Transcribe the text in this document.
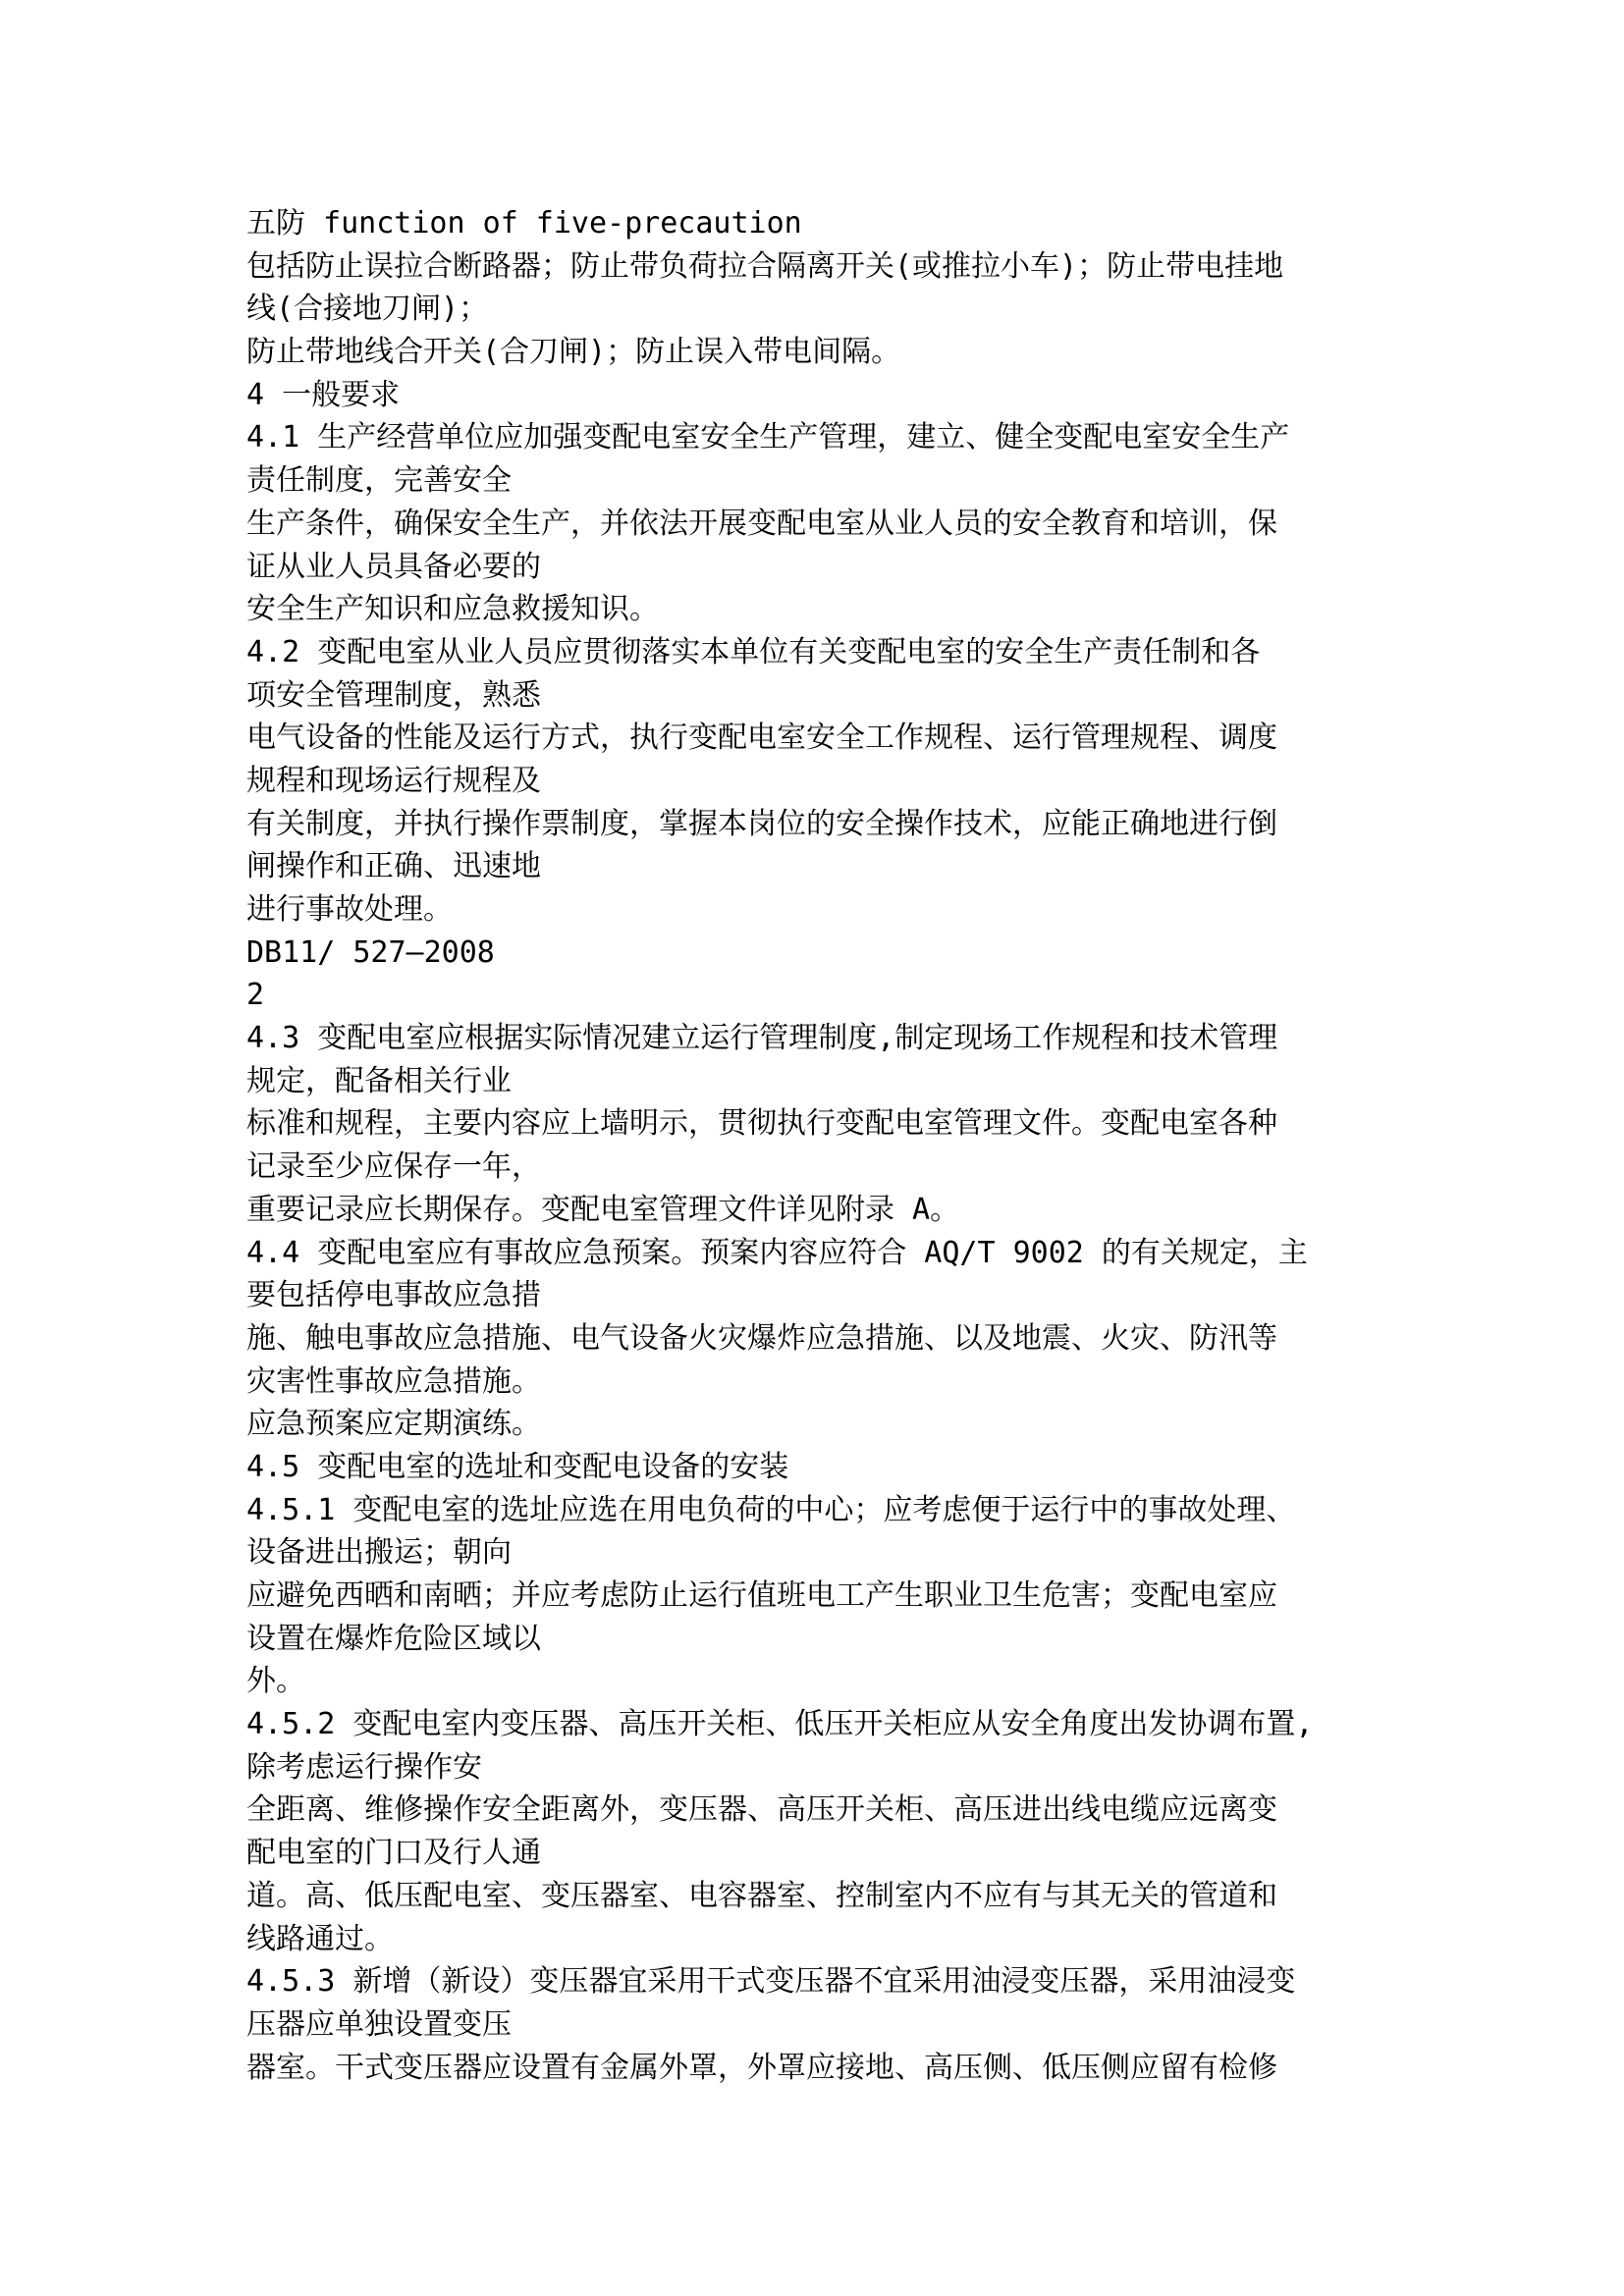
五防 function of five-precaution
包括防止误拉合断路器；防止带负荷拉合隔离开关(或推拉小车)；防止带电挂地
线(合接地刀闸)；
防止带地线合开关(合刀闸)；防止误入带电间隔。
4 一般要求
4.1 生产经营单位应加强变配电室安全生产管理，建立、健全变配电室安全生产
责任制度，完善安全
生产条件，确保安全生产，并依法开展变配电室从业人员的安全教育和培训，保
证从业人员具备必要的
安全生产知识和应急救援知识。
4.2 变配电室从业人员应贯彻落实本单位有关变配电室的安全生产责任制和各
项安全管理制度，熟悉
电气设备的性能及运行方式，执行变配电室安全工作规程、运行管理规程、调度
规程和现场运行规程及
有关制度，并执行操作票制度，掌握本岗位的安全操作技术，应能正确地进行倒
闸操作和正确、迅速地
进行事故处理。
DB11/ 527—2008
2
4.3 变配电室应根据实际情况建立运行管理制度,制定现场工作规程和技术管理
规定，配备相关行业
标准和规程，主要内容应上墙明示，贯彻执行变配电室管理文件。变配电室各种
记录至少应保存一年，
重要记录应长期保存。变配电室管理文件详见附录 A。
4.4 变配电室应有事故应急预案。预案内容应符合 AQ/T 9002 的有关规定，主
要包括停电事故应急措
施、触电事故应急措施、电气设备火灾爆炸应急措施、以及地震、火灾、防汛等
灾害性事故应急措施。
应急预案应定期演练。
4.5 变配电室的选址和变配电设备的安装
4.5.1 变配电室的选址应选在用电负荷的中心；应考虑便于运行中的事故处理、
设备进出搬运；朝向
应避免西晒和南晒；并应考虑防止运行值班电工产生职业卫生危害；变配电室应
设置在爆炸危险区域以
外。
4.5.2 变配电室内变压器、高压开关柜、低压开关柜应从安全角度出发协调布置,
除考虑运行操作安
全距离、维修操作安全距离外，变压器、高压开关柜、高压进出线电缆应远离变
配电室的门口及行人通
道。高、低压配电室、变压器室、电容器室、控制室内不应有与其无关的管道和
线路通过。
4.5.3 新增（新设）变压器宜采用干式变压器不宜采用油浸变压器，采用油浸变
压器应单独设置变压
器室。干式变压器应设置有金属外罩，外罩应接地、高压侧、低压侧应留有检修
